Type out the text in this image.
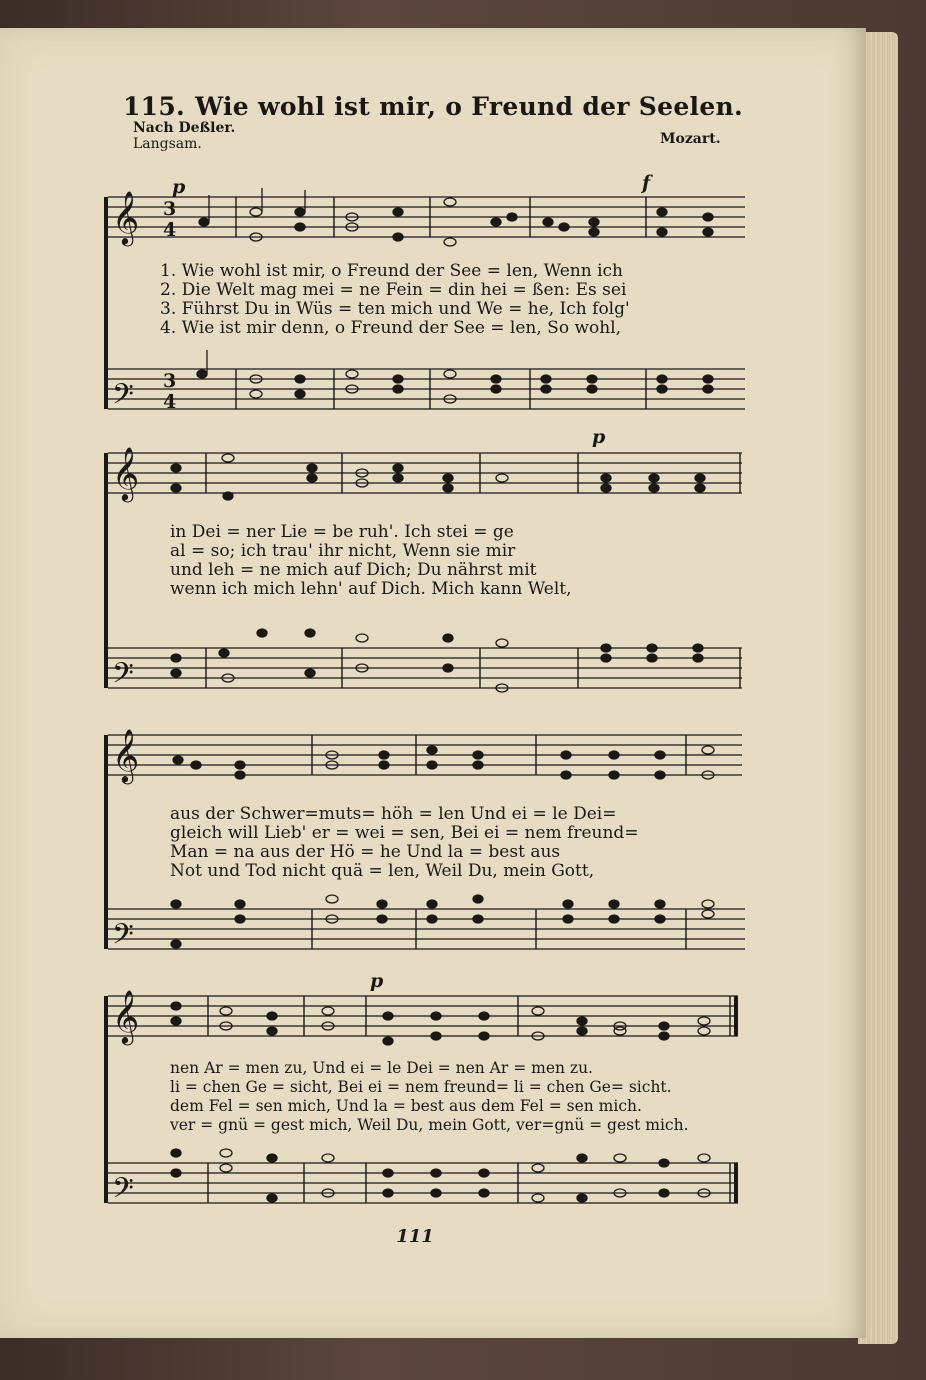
115. Wie wohl ist mir, o Freund der Seelen.
Nach Deßler.
Langsam.	Mozart.
p	f
p
p
𝄞
𝄢
𝄞
𝄢
𝄞
𝄢
𝄞
𝄢
3
4
3
4
1. Wie wohl ist mir, o Freund der See = len, Wenn ich
2. Die Welt mag mei = ne Fein = din hei = ßen: Es sei
3. Führst Du in Wüs = ten mich und We = he, Ich folg'
4. Wie ist mir denn, o Freund der See = len, So wohl,
in Dei = ner Lie = be ruh'. Ich stei = ge
al = so; ich trau' ihr nicht, Wenn sie mir
und leh = ne mich auf Dich; Du nährst mit
wenn ich mich lehn' auf Dich. Mich kann Welt,
aus der Schwer=muts= höh = len Und ei = le Dei=
gleich will Lieb' er = wei = sen, Bei ei = nem freund=
Man = na aus der Hö = he Und la = best aus
Not und Tod nicht quä = len, Weil Du, mein Gott,
nen Ar = men zu, Und ei = le Dei = nen Ar = men zu.
li = chen Ge = sicht, Bei ei = nem freund= li = chen Ge= sicht.
dem Fel = sen mich, Und la = best aus dem Fel = sen mich.
ver = gnü = gest mich, Weil Du, mein Gott, ver=gnü = gest mich.
111
